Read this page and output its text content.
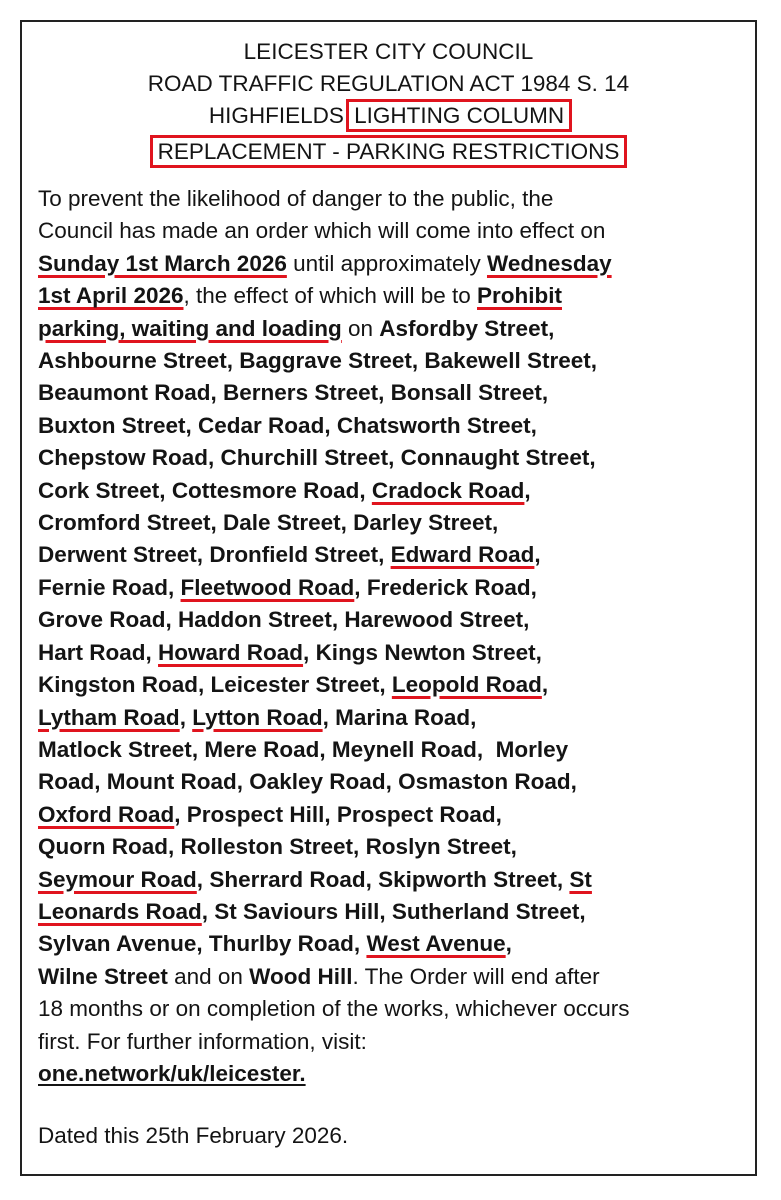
LEICESTER CITY COUNCIL
ROAD TRAFFIC REGULATION ACT 1984 S. 14
HIGHFIELDS LIGHTING COLUMN
REPLACEMENT - PARKING RESTRICTIONS
To prevent the likelihood of danger to the public, the
Council has made an order which will come into effect on
Sunday 1st March 2026 until approximately Wednesday
1st April 2026, the effect of which will be to Prohibit
parking, waiting and loading on Asfordby Street,
Ashbourne Street, Baggrave Street, Bakewell Street,
Beaumont Road, Berners Street, Bonsall Street,
Buxton Street, Cedar Road, Chatsworth Street,
Chepstow Road, Churchill Street, Connaught Street,
Cork Street, Cottesmore Road, Cradock Road,
Cromford Street, Dale Street, Darley Street,
Derwent Street, Dronfield Street, Edward Road,
Fernie Road, Fleetwood Road, Frederick Road,
Grove Road, Haddon Street, Harewood Street,
Hart Road, Howard Road, Kings Newton Street,
Kingston Road, Leicester Street, Leopold Road,
Lytham Road, Lytton Road, Marina Road,
Matlock Street, Mere Road, Meynell Road,  Morley
Road, Mount Road, Oakley Road, Osmaston Road,
Oxford Road, Prospect Hill, Prospect Road,
Quorn Road, Rolleston Street, Roslyn Street,
Seymour Road, Sherrard Road, Skipworth Street, St
Leonards Road, St Saviours Hill, Sutherland Street,
Sylvan Avenue, Thurlby Road, West Avenue,
Wilne Street and on Wood Hill. The Order will end after
18 months or on completion of the works, whichever occurs
first. For further information, visit:
one.network/uk/leicester.
Dated this 25th February 2026.
